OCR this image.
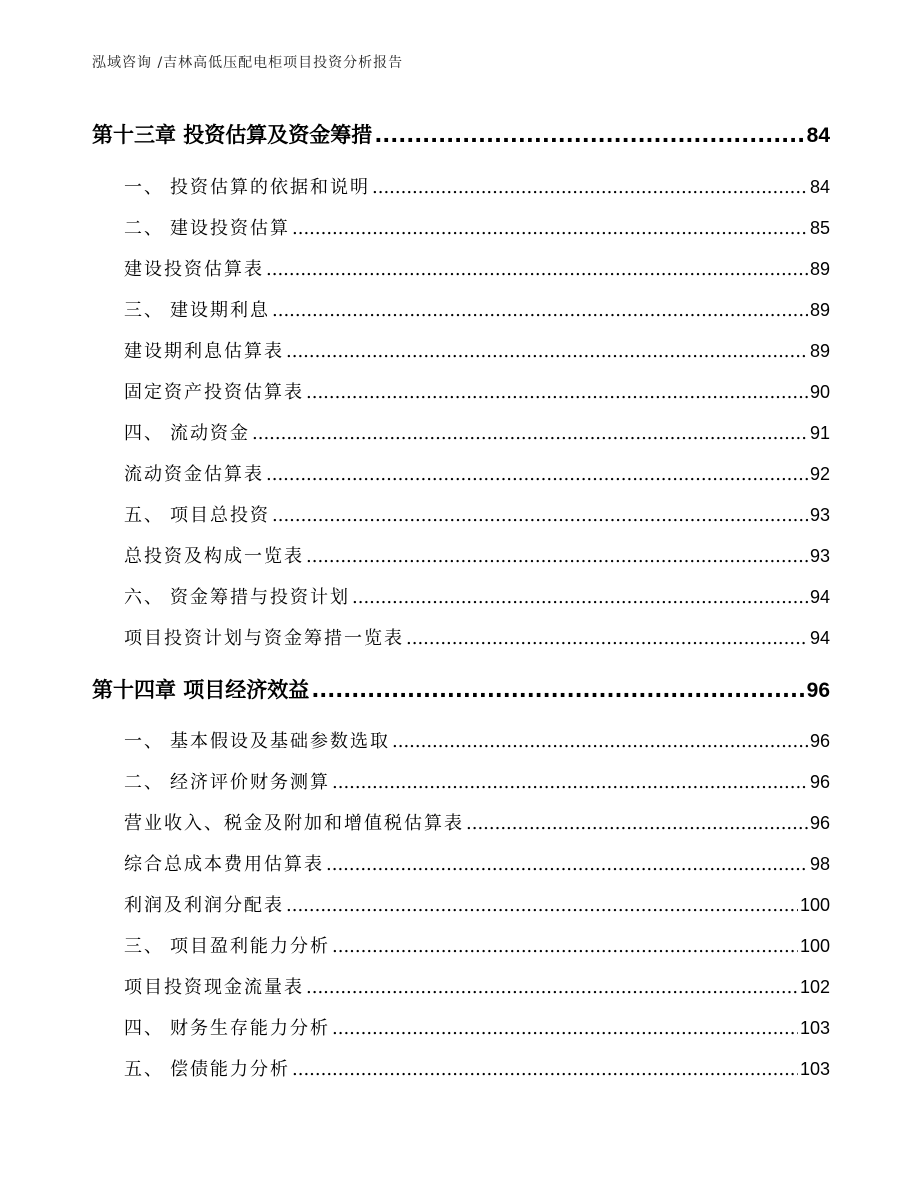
泓域咨询 /吉林高低压配电柜项目投资分析报告
第十三章 投资估算及资金筹措 .....	84
一、 投资估算的依据和说明 .....	84
二、 建设投资估算 .....	85
建设投资估算表 .....	89
三、 建设期利息 .....	89
建设期利息估算表 .....	89
固定资产投资估算表 .....	90
四、 流动资金 .....	91
流动资金估算表 .....	92
五、 项目总投资 .....	93
总投资及构成一览表 .....	93
六、 资金筹措与投资计划 .....	94
项目投资计划与资金筹措一览表 .....	94
第十四章 项目经济效益 .....	96
一、 基本假设及基础参数选取 .....	96
二、 经济评价财务测算 .....	96
营业收入、税金及附加和增值税估算表 .....	96
综合总成本费用估算表 .....	98
利润及利润分配表 .....	100
三、 项目盈利能力分析 .....	100
项目投资现金流量表 .....	102
四、 财务生存能力分析 .....	103
五、 偿债能力分析 .....	103
